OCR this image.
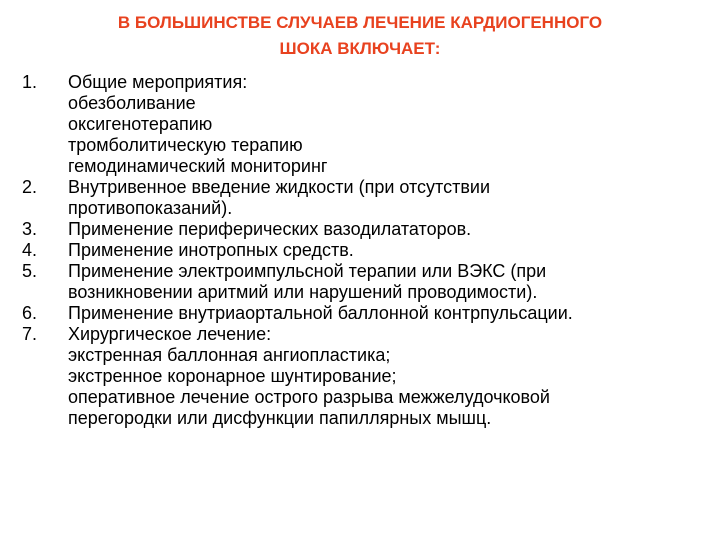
В БОЛЬШИНСТВЕ СЛУЧАЕВ ЛЕЧЕНИЕ КАРДИОГЕННОГО
ШОКА ВКЛЮЧАЕТ:
1.	Общие мероприятия:
обезболивание
оксигенотерапию
тромболитическую терапию
гемодинамический мониторинг
2.	Внутривенное введение жидкости (при отсутствии
противопоказаний).
3.	Применение периферических вазодилататоров.
4.	Применение инотропных средств.
5.	Применение электроимпульсной терапии или ВЭКС (при
возникновении аритмий или нарушений проводимости).
6.	Применение внутриаортальной баллонной контрпульсации.
7.	Хирургическое лечение:
экстренная баллонная ангиопластика;
экстренное коронарное шунтирование;
оперативное лечение острого разрыва межжелудочковой
перегородки или дисфункции папиллярных мышц.
